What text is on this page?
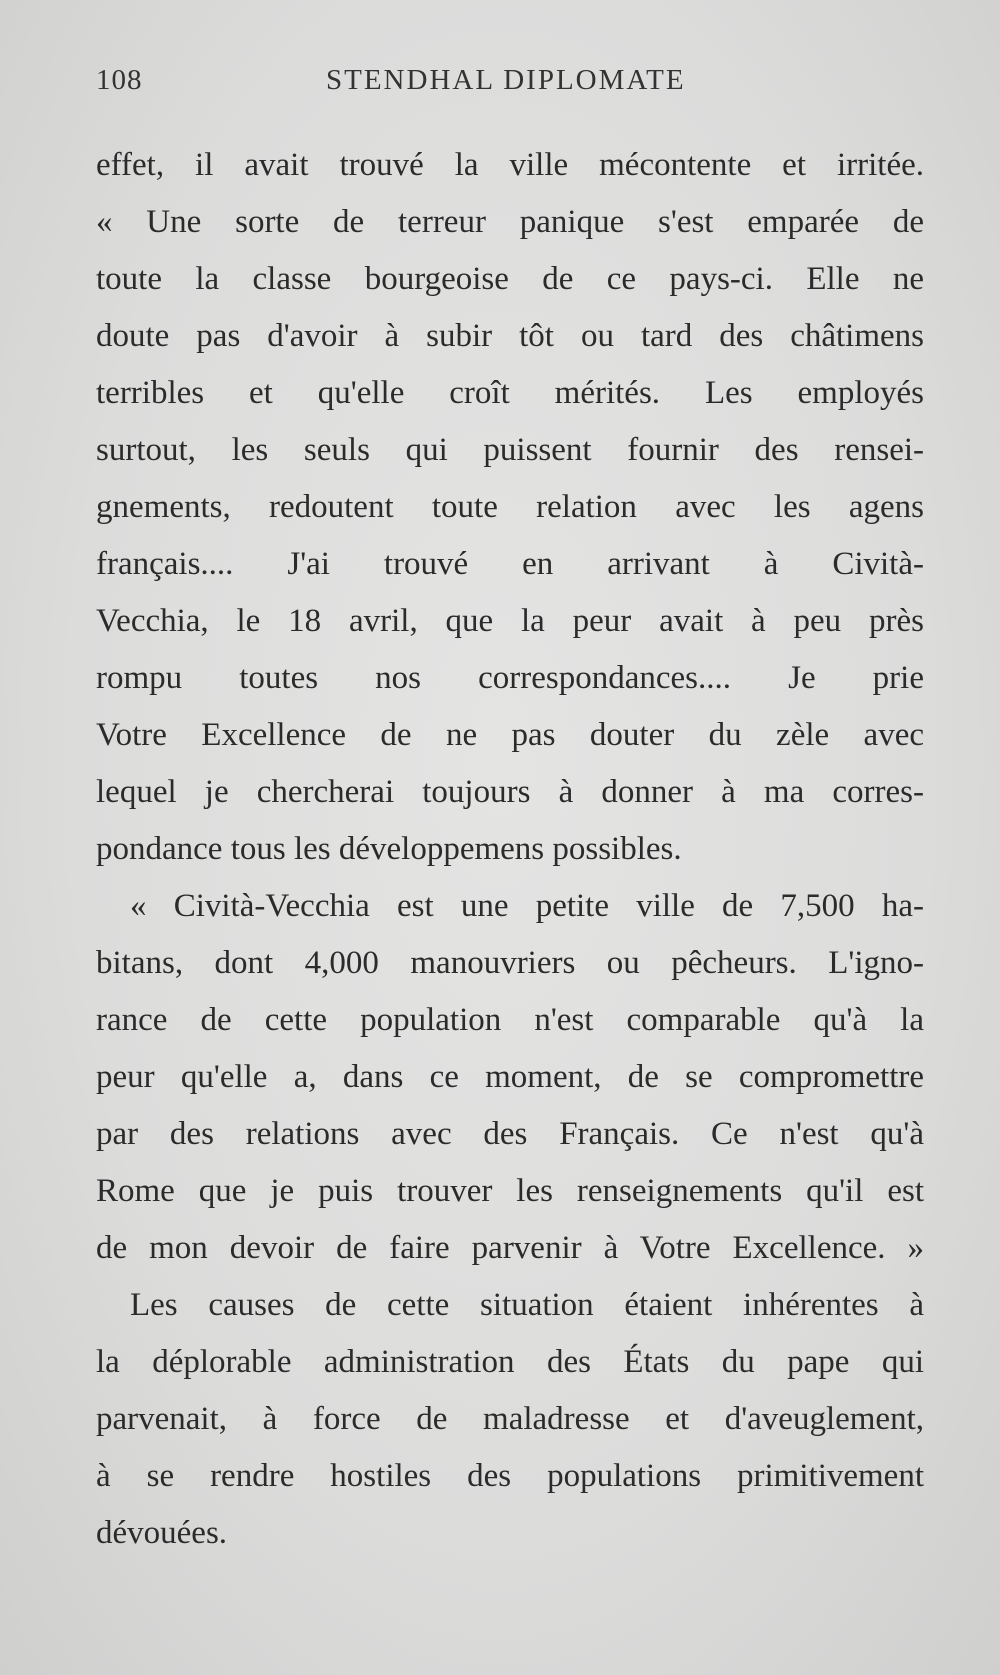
108	STENDHAL DIPLOMATE
effet, il avait trouvé la ville mécontente et irritée.
« Une sorte de terreur panique s'est emparée de
toute la classe bourgeoise de ce pays-ci. Elle ne
doute pas d'avoir à subir tôt ou tard des châtimens
terribles et qu'elle croît mérités. Les employés
surtout, les seuls qui puissent fournir des rensei-
gnements, redoutent toute relation avec les agens
français.... J'ai trouvé en arrivant à Cività-
Vecchia, le 18 avril, que la peur avait à peu près
rompu toutes nos correspondances.... Je prie
Votre Excellence de ne pas douter du zèle avec
lequel je chercherai toujours à donner à ma corres-
pondance tous les développemens possibles.
« Cività-Vecchia est une petite ville de 7,500 ha-
bitans, dont 4,000 manouvriers ou pêcheurs. L'igno-
rance de cette population n'est comparable qu'à la
peur qu'elle a, dans ce moment, de se compromettre
par des relations avec des Français. Ce n'est qu'à
Rome que je puis trouver les renseignements qu'il est
de mon devoir de faire parvenir à Votre Excellence. »
Les causes de cette situation étaient inhérentes à
la déplorable administration des États du pape qui
parvenait, à force de maladresse et d'aveuglement,
à se rendre hostiles des populations primitivement
dévouées.
